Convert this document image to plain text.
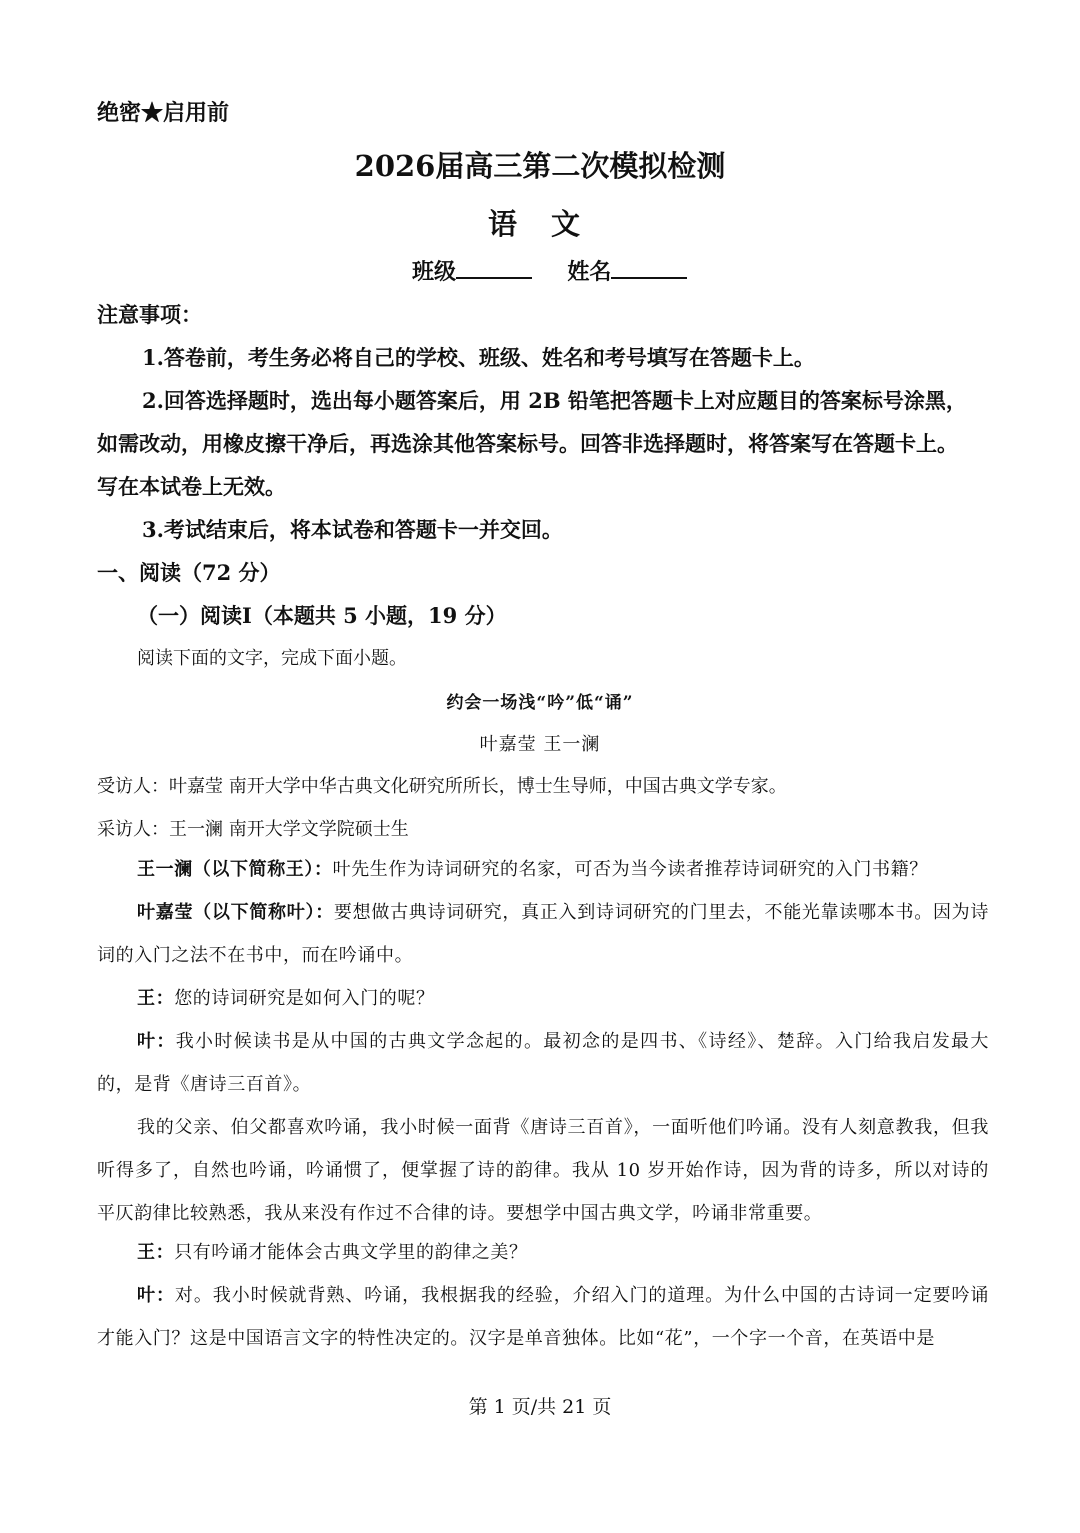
绝密★启用前
2026届高三第二次模拟检测
语 文
班级	姓名
注意事项：
1.答卷前，考生务必将自己的学校、班级、姓名和考号填写在答题卡上。
2.回答选择题时，选出每小题答案后，用 2B 铅笔把答题卡上对应题目的答案标号涂黑，
如需改动，用橡皮擦干净后，再选涂其他答案标号。回答非选择题时，将答案写在答题卡上。
写在本试卷上无效。
3.考试结束后，将本试卷和答题卡一并交回。
一、阅读（72 分）
（一）阅读Ⅰ（本题共 5 小题，19 分）
阅读下面的文字，完成下面小题。
约会一场浅“吟”低“诵”
叶嘉莹 王一澜
受访人：叶嘉莹 南开大学中华古典文化研究所所长，博士生导师，中国古典文学专家。
采访人：王一澜 南开大学文学院硕士生
王一澜（以下简称王）：叶先生作为诗词研究的名家，可否为当今读者推荐诗词研究的入门书籍？
叶嘉莹（以下简称叶）：要想做古典诗词研究，真正入到诗词研究的门里去，不能光靠读哪本书。因为诗词的入门之法不在书中，而在吟诵中。
王：您的诗词研究是如何入门的呢？
叶：我小时候读书是从中国的古典文学念起的。最初念的是四书、《诗经》、楚辞。入门给我启发最大的，是背《唐诗三百首》。
我的父亲、伯父都喜欢吟诵，我小时候一面背《唐诗三百首》，一面听他们吟诵。没有人刻意教我，但我听得多了，自然也吟诵，吟诵惯了，便掌握了诗的韵律。我从 10 岁开始作诗，因为背的诗多，所以对诗的平仄韵律比较熟悉，我从来没有作过不合律的诗。要想学中国古典文学，吟诵非常重要。
王：只有吟诵才能体会古典文学里的韵律之美？
叶：对。我小时候就背熟、吟诵，我根据我的经验，介绍入门的道理。为什么中国的古诗词一定要吟诵才能入门？这是中国语言文字的特性决定的。汉字是单音独体。比如“花”，一个字一个音，在英语中是
第 1 页/共 21 页
